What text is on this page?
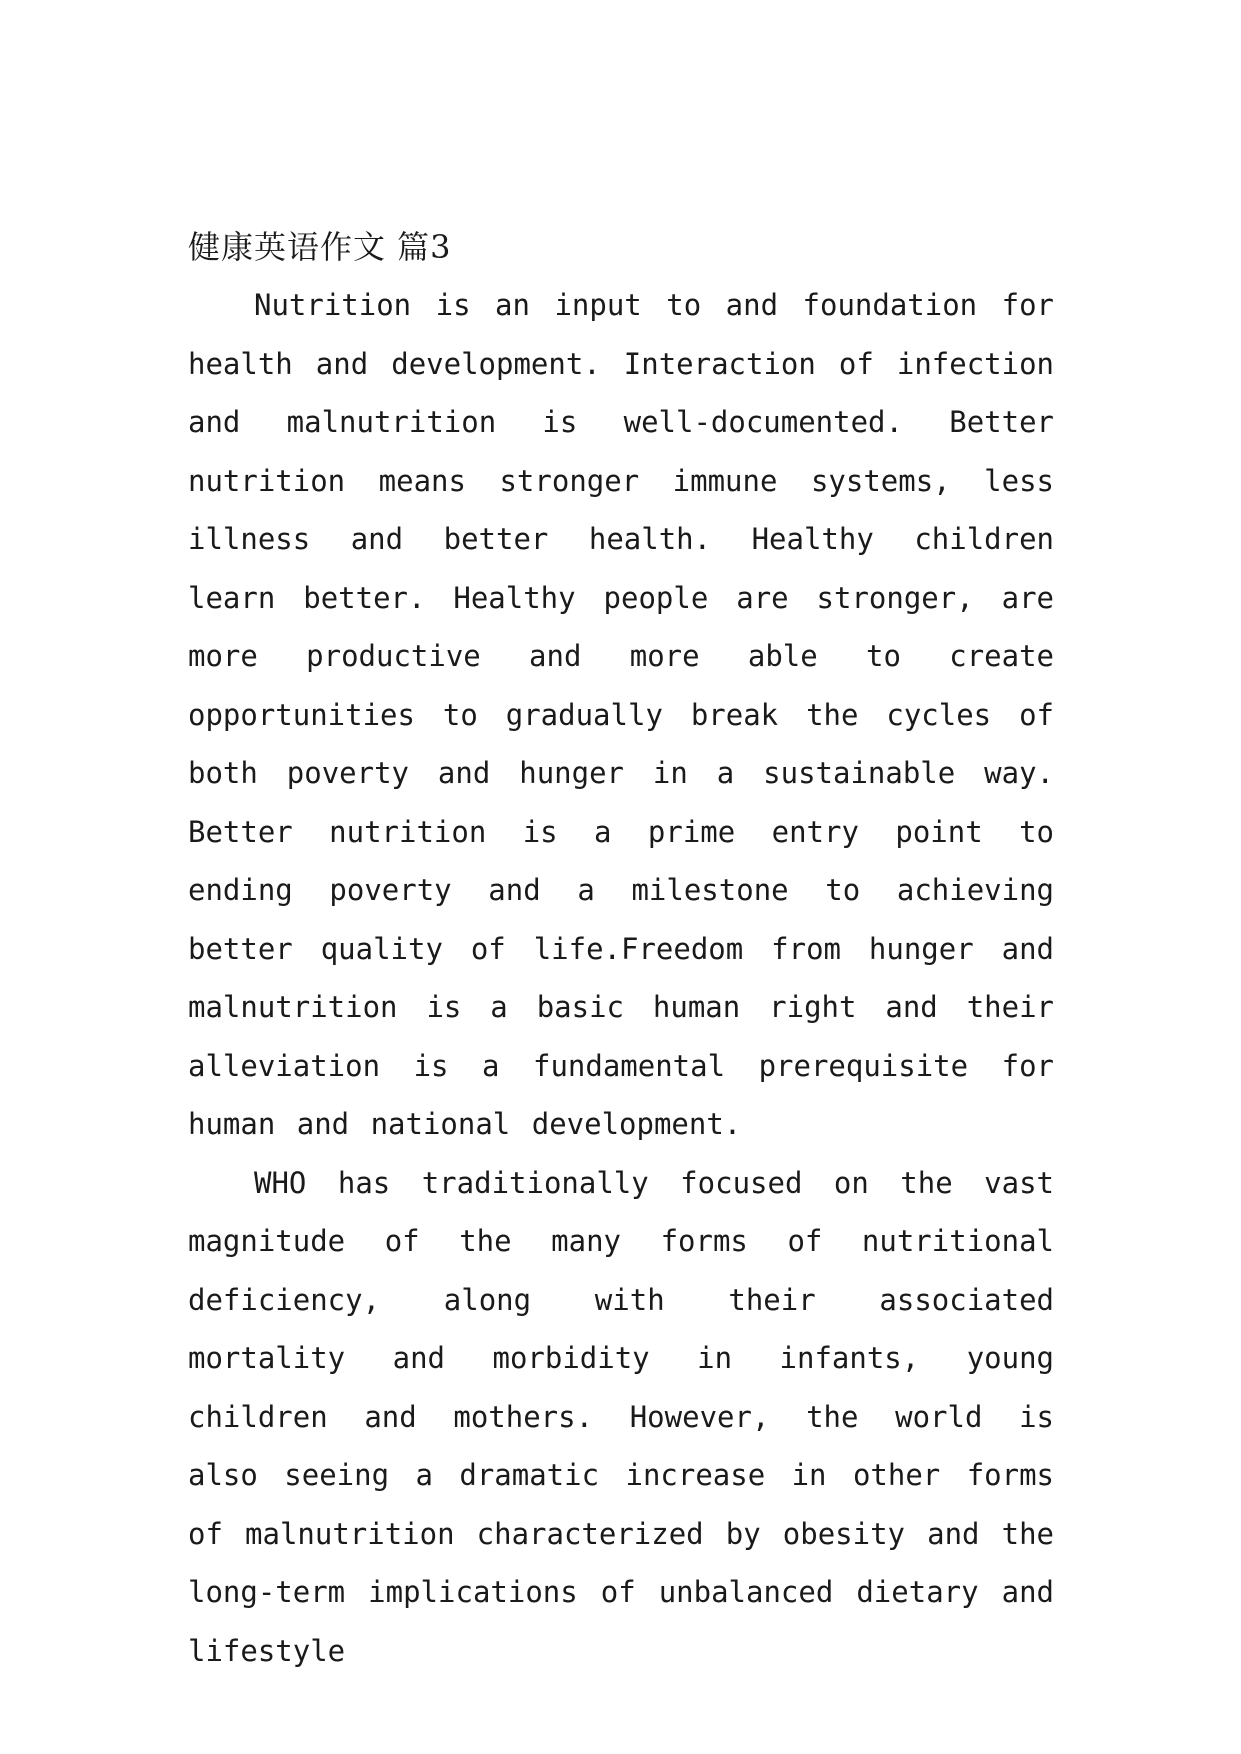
健康英语作文 篇3

Nutrition is an input to and foundation for health and development. Interaction of infection and malnutrition is well-documented. Better nutrition means stronger immune systems, less illness and better health. Healthy children learn better. Healthy people are stronger, are more productive and more able to create opportunities to gradually break the cycles of both poverty and hunger in a sustainable way. Better nutrition is a prime entry point to ending poverty and a milestone to achieving better quality of life.Freedom from hunger and malnutrition is a basic human right and their alleviation is a fundamental prerequisite for human and national development.

WHO has traditionally focused on the vast magnitude of the many forms of nutritional deficiency, along with their associated mortality and morbidity in infants, young children and mothers. However, the world is also seeing a dramatic increase in other forms of malnutrition characterized by obesity and the long-term implications of unbalanced dietary and lifestyle
